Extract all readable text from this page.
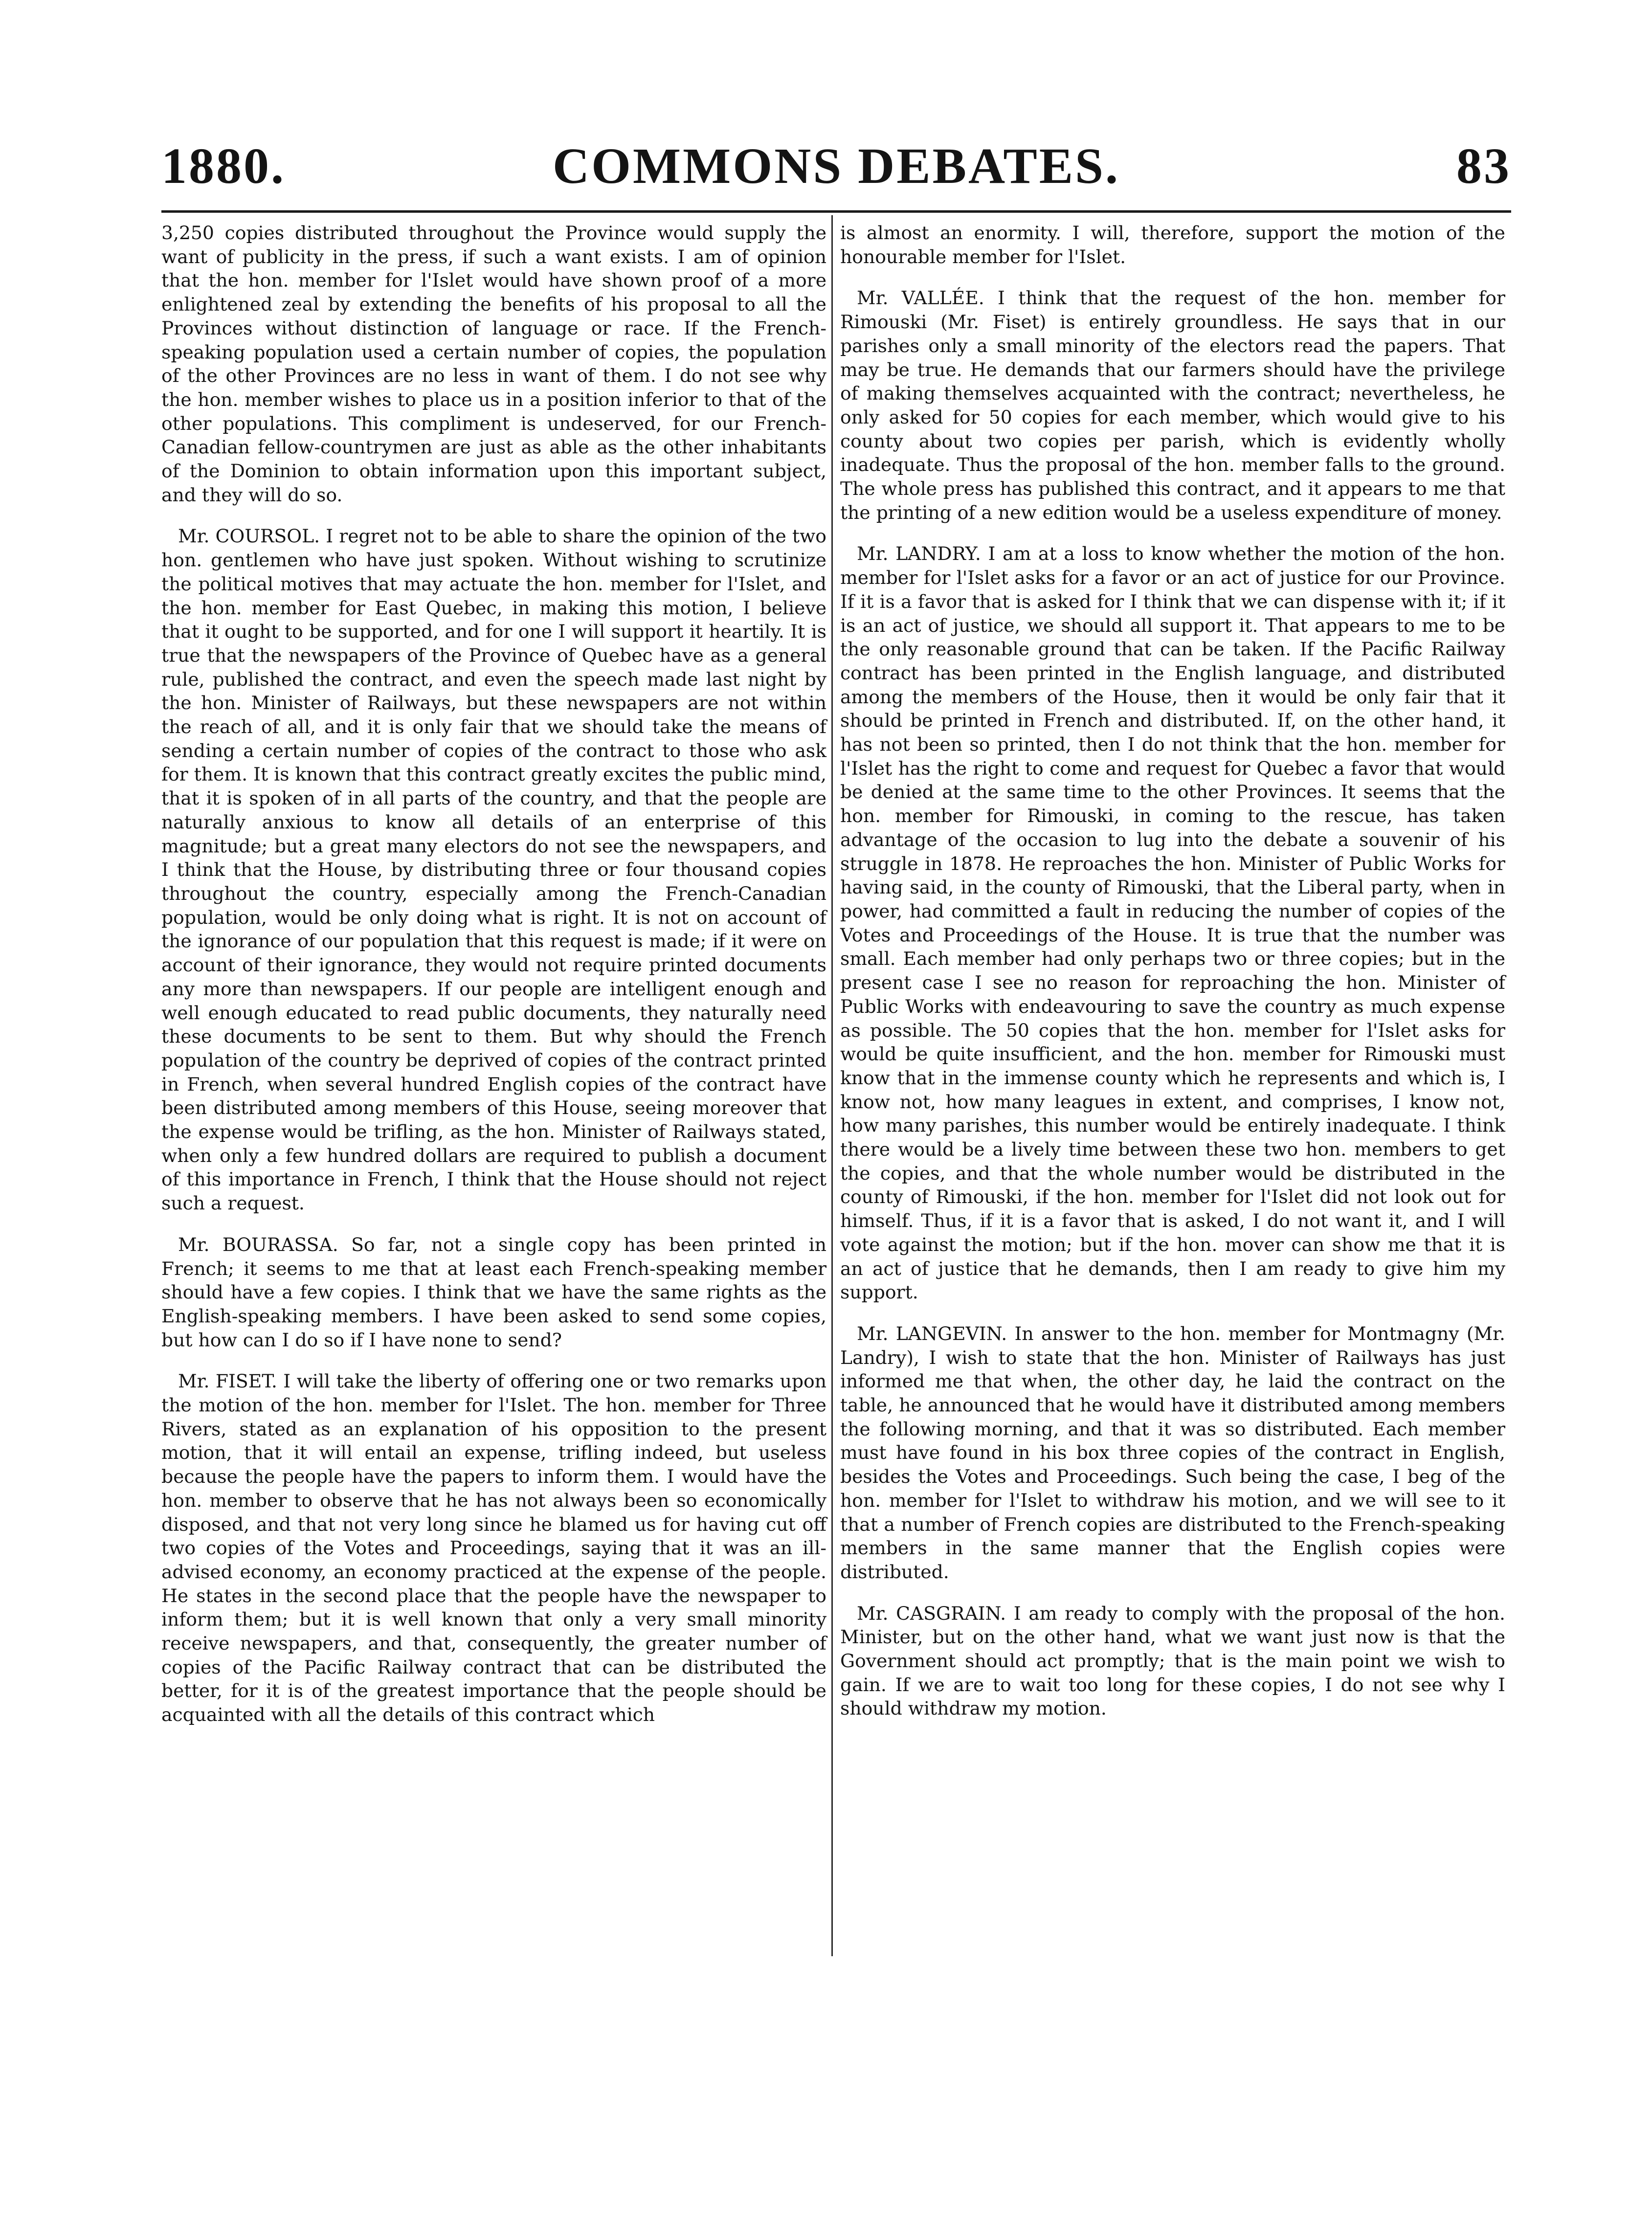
COMMONS DEBATES.
1880.	83

3,250 copies distributed throughout the Province would supply the want of publicity in the press, if such a want exists. I am of opinion that the hon. member for l'Islet would have shown proof of a more enlightened zeal by extending the benefits of his proposal to all the Provinces without distinction of language or race. If the French-speaking population used a certain number of copies, the population of the other Provinces are no less in want of them. I do not see why the hon. member wishes to place us in a position inferior to that of the other populations. This compliment is undeserved, for our French-Canadian fellow-countrymen are just as able as the other inhabitants of the Dominion to obtain information upon this important subject, and they will do so.

Mr. COURSOL. I regret not to be able to share the opinion of the two hon. gentlemen who have just spoken. Without wishing to scrutinize the political motives that may actuate the hon. member for l'Islet, and the hon. member for East Quebec, in making this motion, I believe that it ought to be supported, and for one I will support it heartily. It is true that the newspapers of the Province of Quebec have as a general rule, published the contract, and even the speech made last night by the hon. Minister of Railways, but these newspapers are not within the reach of all, and it is only fair that we should take the means of sending a certain number of copies of the contract to those who ask for them. It is known that this contract greatly excites the public mind, that it is spoken of in all parts of the country, and that the people are naturally anxious to know all details of an enterprise of this magnitude; but a great many electors do not see the newspapers, and I think that the House, by distributing three or four thousand copies throughout the country, especially among the French-Canadian population, would be only doing what is right. It is not on account of the ignorance of our population that this request is made; if it were on account of their ignorance, they would not require printed documents any more than newspapers. If our people are intelligent enough and well enough educated to read public documents, they naturally need these documents to be sent to them. But why should the French population of the country be deprived of copies of the contract printed in French, when several hundred English copies of the contract have been distributed among members of this House, seeing moreover that the expense would be trifling, as the hon. Minister of Railways stated, when only a few hundred dollars are required to publish a document of this importance in French, I think that the House should not reject such a request.

Mr. BOURASSA. So far, not a single copy has been printed in French; it seems to me that at least each French-speaking member should have a few copies. I think that we have the same rights as the English-speaking members. I have been asked to send some copies, but how can I do so if I have none to send?

Mr. FISET. I will take the liberty of offering one or two remarks upon the motion of the hon. member for l'Islet. The hon. member for Three Rivers, stated as an explanation of his opposition to the present motion, that it will entail an expense, trifling indeed, but useless because the people have the papers to inform them. I would have the hon. member to observe that he has not always been so economically disposed, and that not very long since he blamed us for having cut off two copies of the Votes and Proceedings, saying that it was an ill-advised economy, an economy practiced at the expense of the people. He states in the second place that the people have the newspaper to inform them; but it is well known that only a very small minority receive newspapers, and that, consequently, the greater number of copies of the Pacific Railway contract that can be distributed the better, for it is of the greatest importance that the people should be acquainted with all the details of this contract which

is almost an enormity. I will, therefore, support the motion of the honourable member for l'Islet.

Mr. VALLÉE. I think that the request of the hon. member for Rimouski (Mr. Fiset) is entirely groundless. He says that in our parishes only a small minority of the electors read the papers. That may be true. He demands that our farmers should have the privilege of making themselves acquainted with the contract; nevertheless, he only asked for 50 copies for each member, which would give to his county about two copies per parish, which is evidently wholly inadequate. Thus the proposal of the hon. member falls to the ground. The whole press has published this contract, and it appears to me that the printing of a new edition would be a useless expenditure of money.

Mr. LANDRY. I am at a loss to know whether the motion of the hon. member for l'Islet asks for a favor or an act of justice for our Province. If it is a favor that is asked for I think that we can dispense with it; if it is an act of justice, we should all support it. That appears to me to be the only reasonable ground that can be taken. If the Pacific Railway contract has been printed in the English language, and distributed among the members of the House, then it would be only fair that it should be printed in French and distributed. If, on the other hand, it has not been so printed, then I do not think that the hon. member for l'Islet has the right to come and request for Quebec a favor that would be denied at the same time to the other Provinces. It seems that the hon. member for Rimouski, in coming to the rescue, has taken advantage of the occasion to lug into the debate a souvenir of his struggle in 1878. He reproaches the hon. Minister of Public Works for having said, in the county of Rimouski, that the Liberal party, when in power, had committed a fault in reducing the number of copies of the Votes and Proceedings of the House. It is true that the number was small. Each member had only perhaps two or three copies; but in the present case I see no reason for reproaching the hon. Minister of Public Works with endeavouring to save the country as much expense as possible. The 50 copies that the hon. member for l'Islet asks for would be quite insufficient, and the hon. member for Rimouski must know that in the immense county which he represents and which is, I know not, how many leagues in extent, and comprises, I know not, how many parishes, this number would be entirely inadequate. I think there would be a lively time between these two hon. members to get the copies, and that the whole number would be distributed in the county of Rimouski, if the hon. member for l'Islet did not look out for himself. Thus, if it is a favor that is asked, I do not want it, and I will vote against the motion; but if the hon. mover can show me that it is an act of justice that he demands, then I am ready to give him my support.

Mr. LANGEVIN. In answer to the hon. member for Montmagny (Mr. Landry), I wish to state that the hon. Minister of Railways has just informed me that when, the other day, he laid the contract on the table, he announced that he would have it distributed among members the following morning, and that it was so distributed. Each member must have found in his box three copies of the contract in English, besides the Votes and Proceedings. Such being the case, I beg of the hon. member for l'Islet to withdraw his motion, and we will see to it that a number of French copies are distributed to the French-speaking members in the same manner that the English copies were distributed.

Mr. CASGRAIN. I am ready to comply with the proposal of the hon. Minister, but on the other hand, what we want just now is that the Government should act promptly; that is the main point we wish to gain. If we are to wait too long for these copies, I do not see why I should withdraw my motion.
